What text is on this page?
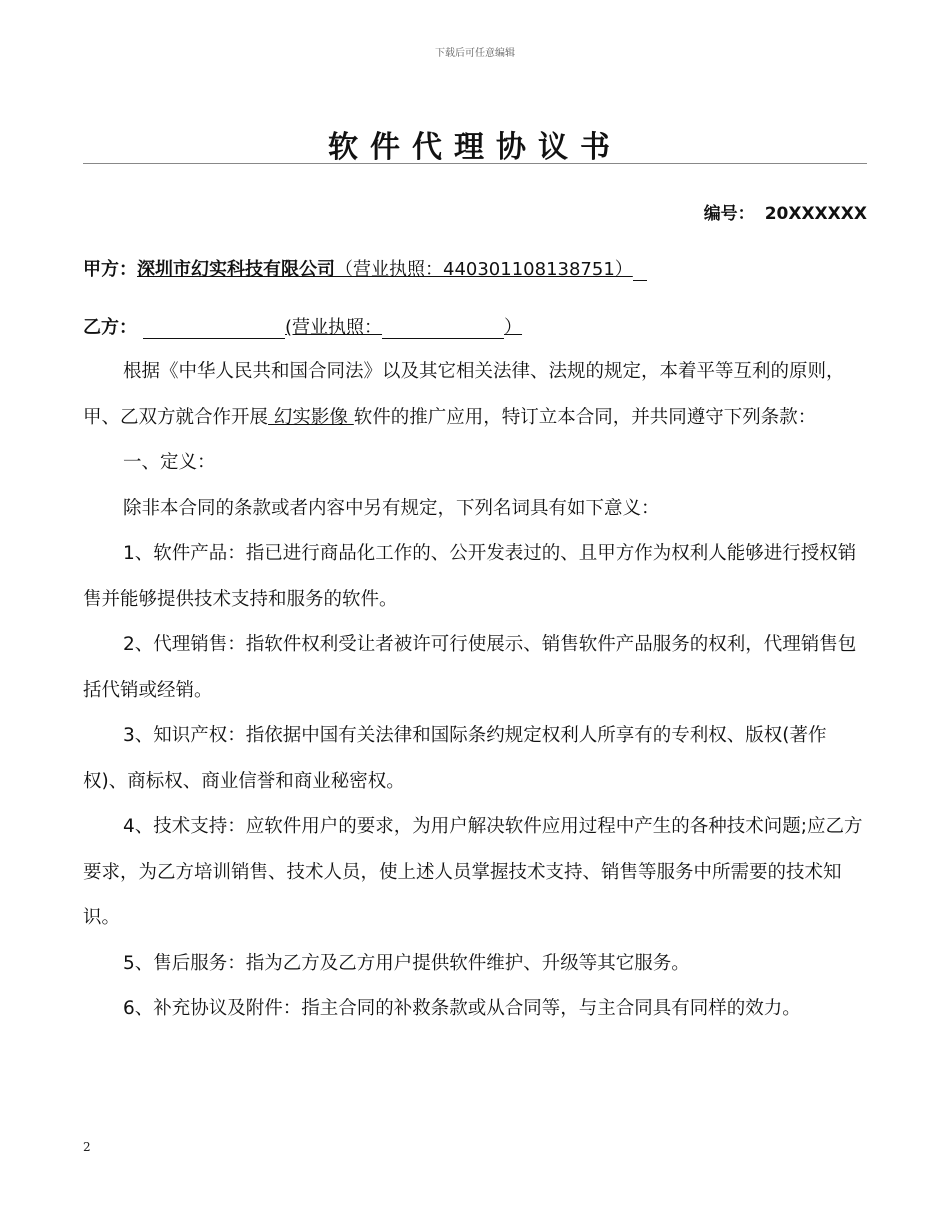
下载后可任意编辑
软件代理协议书
编号： 20XXXXXX
甲方：深圳市幻实科技有限公司（营业执照：440301108138751）
乙方：	(营业执照：	）

根据《中华人民共和国合同法》以及其它相关法律、法规的规定，本着平等互利的原则，甲、乙双方就合作开展 幻实影像 软件的推广应用，特订立本合同，并共同遵守下列条款：

一、定义：

除非本合同的条款或者内容中另有规定，下列名词具有如下意义：

1、软件产品：指已进行商品化工作的、公开发表过的、且甲方作为权利人能够进行授权销售并能够提供技术支持和服务的软件。

2、代理销售：指软件权利受让者被许可行使展示、销售软件产品服务的权利，代理销售包括代销或经销。

3、知识产权：指依据中国有关法律和国际条约规定权利人所享有的专利权、版权(著作权)、商标权、商业信誉和商业秘密权。

4、技术支持：应软件用户的要求，为用户解决软件应用过程中产生的各种技术问题;应乙方要求，为乙方培训销售、技术人员，使上述人员掌握技术支持、销售等服务中所需要的技术知识。

5、售后服务：指为乙方及乙方用户提供软件维护、升级等其它服务。

6、补充协议及附件：指主合同的补救条款或从合同等，与主合同具有同样的效力。

2
